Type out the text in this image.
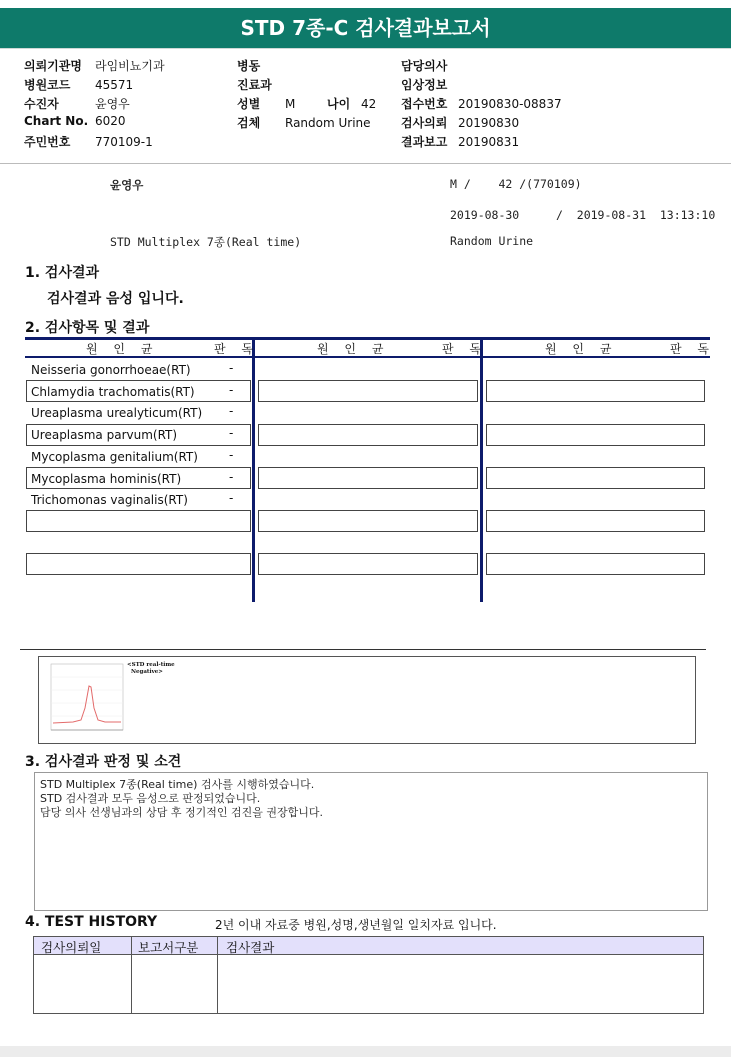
STD 7종-C 검사결과보고서
의뢰기관명 라임비뇨기과
병원코드 45571
수진자	윤영우
Chart No. 6020
주민번호 770109-1
병동
진료과
성별 M	나이 42
검체 Random Urine
담당의사
임상정보
접수번호 20190830-08837
검사의뢰 20190830
결과보고 20190831
윤영우	M /    42 /(770109)
2019-08-30	/  2019-08-31  13:13:10
STD Multiplex 7종(Real time)	Random Urine
1. 검사결과
검사결과 음성 입니다.
2. 검사항목 및 결과
원 인 균	판 독	원 인 균	판 독	원 인 균	판 독
Neisseria gonorrhoeae(RT)	-
Chlamydia trachomatis(RT)	-
Ureaplasma urealyticum(RT) -
Ureaplasma parvum(RT)	-
Mycoplasma genitalium(RT)	-
Mycoplasma hominis(RT)	-
Trichomonas vaginalis(RT)	-
<STD real-time
Negative>
3. 검사결과 판정 및 소견
STD Multiplex 7종(Real time) 검사를 시행하였습니다.
STD 검사결과 모두 음성으로 판정되었습니다.
담당 의사 선생님과의 상담 후 정기적인 검진을 권장합니다.
4. TEST HISTORY	2년 이내 자료중 병원,성명,생년월일 일치자료 입니다.
검사의뢰일	보고서구분 검사결과
